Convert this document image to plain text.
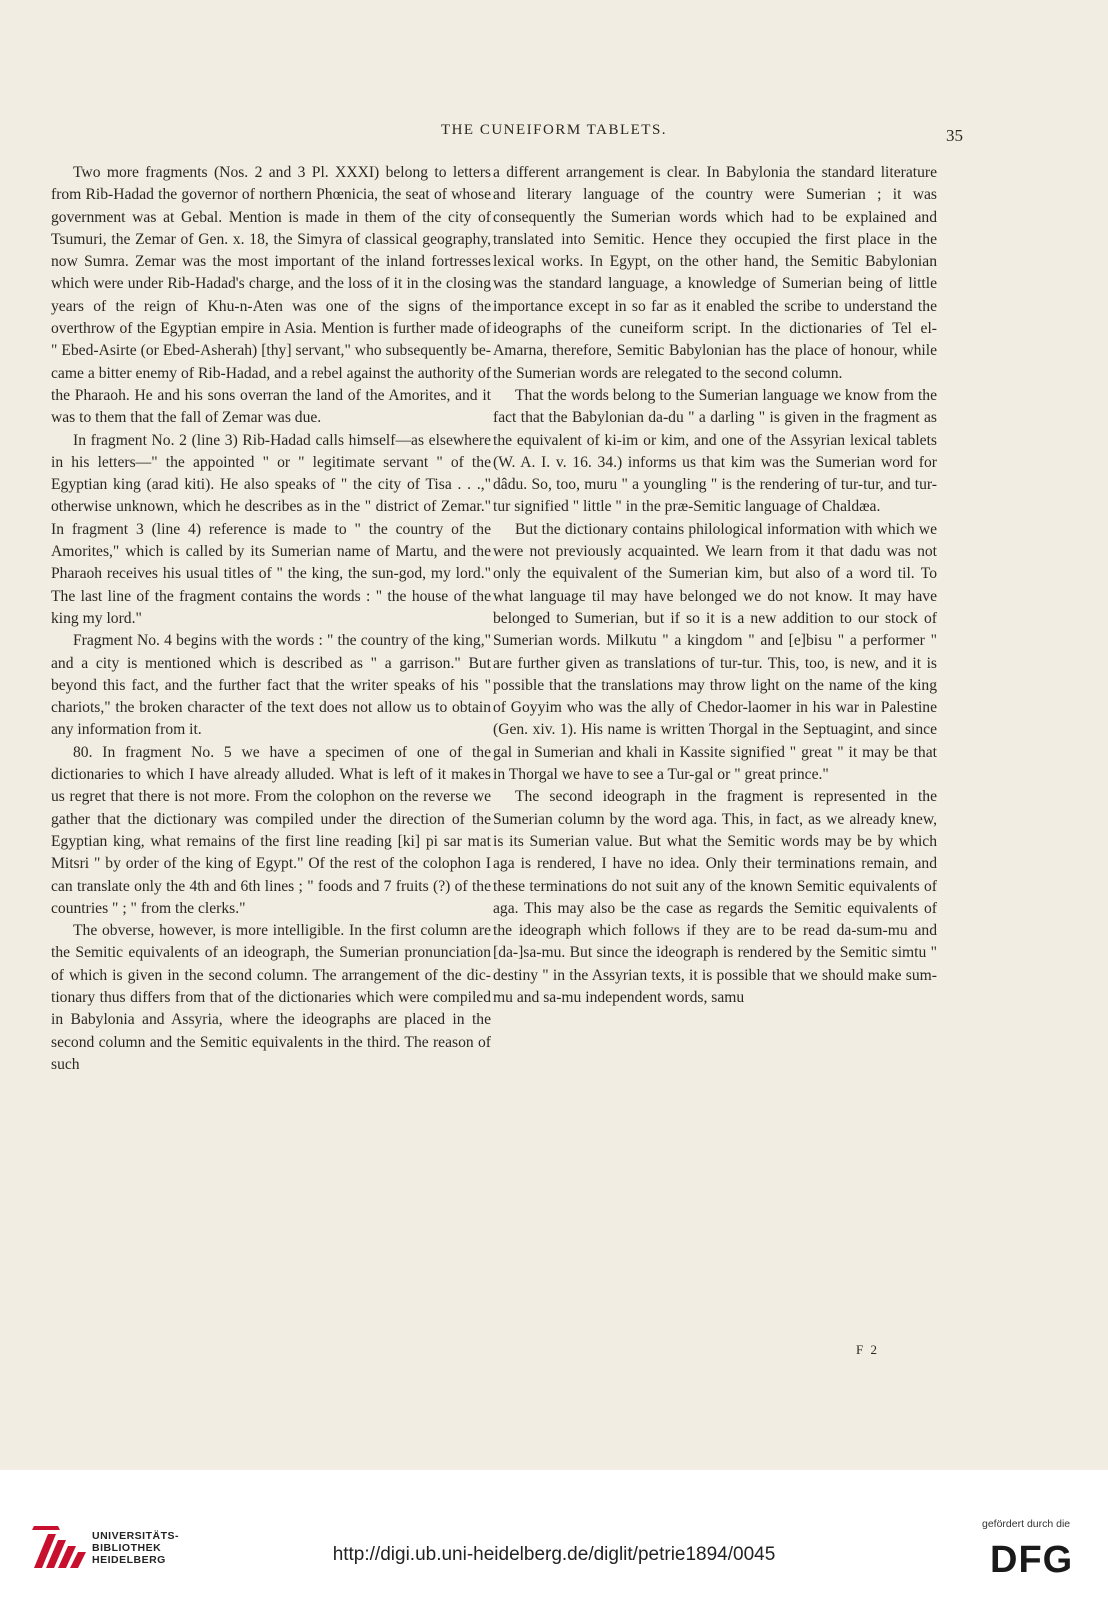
THE CUNEIFORM TABLETS.	35

Two more fragments (Nos. 2 and 3 Pl. XXXI) belong to letters from Rib-Hadad the governor of northern Phœnicia, the seat of whose government was at Gebal. Mention is made in them of the city of Tsumuri, the Zemar of Gen. x. 18, the Simyra of classical geography, now Sumra. Zemar was the most important of the inland fortresses which were under Rib-Hadad's charge, and the loss of it in the closing years of the reign of Khu-n-Aten was one of the signs of the overthrow of the Egyptian empire in Asia. Mention is further made of " Ebed-Asirte (or Ebed-Asherah) [thy] servant," who subsequently became a bitter enemy of Rib-Hadad, and a rebel against the authority of the Pharaoh. He and his sons overran the land of the Amorites, and it was to them that the fall of Zemar was due.

In fragment No. 2 (line 3) Rib-Hadad calls himself—as elsewhere in his letters—" the appointed " or " legitimate servant " of the Egyptian king (arad kiti). He also speaks of " the city of Tisa . . .," otherwise unknown, which he describes as in the " district of Zemar." In fragment 3 (line 4) reference is made to " the country of the Amorites," which is called by its Sumerian name of Martu, and the Pharaoh receives his usual titles of " the king, the sun-god, my lord." The last line of the fragment contains the words : " the house of the king my lord."

Fragment No. 4 begins with the words : " the country of the king," and a city is mentioned which is described as " a garrison." But beyond this fact, and the further fact that the writer speaks of his " chariots," the broken character of the text does not allow us to obtain any information from it.

80. In fragment No. 5 we have a specimen of one of the dictionaries to which I have already alluded. What is left of it makes us regret that there is not more. From the colophon on the reverse we gather that the dictionary was compiled under the direction of the Egyptian king, what remains of the first line reading [ki] pi sar mat Mitsri " by order of the king of Egypt." Of the rest of the colophon I can translate only the 4th and 6th lines ; " foods and 7 fruits (?) of the countries " ; " from the clerks."

The obverse, however, is more intelligible. In the first column are the Semitic equivalents of an ideograph, the Sumerian pronunciation of which is given in the second column. The arrangement of the dictionary thus differs from that of the dictionaries which were compiled in Babylonia and Assyria, where the ideographs are placed in the second column and the Semitic equivalents in the third. The reason of such

a different arrangement is clear. In Babylonia the standard literature and literary language of the country were Sumerian ; it was consequently the Sumerian words which had to be explained and translated into Semitic. Hence they occupied the first place in the lexical works. In Egypt, on the other hand, the Semitic Babylonian was the standard language, a knowledge of Sumerian being of little importance except in so far as it enabled the scribe to understand the ideographs of the cuneiform script. In the dictionaries of Tel el-Amarna, therefore, Semitic Babylonian has the place of honour, while the Sumerian words are relegated to the second column.

That the words belong to the Sumerian language we know from the fact that the Babylonian da-du " a darling " is given in the fragment as the equivalent of ki-im or kim, and one of the Assyrian lexical tablets (W. A. I. v. 16. 34.) informs us that kim was the Sumerian word for dâdu. So, too, muru " a youngling " is the rendering of tur-tur, and tur-tur signified " little " in the præ-Semitic language of Chaldæa.

But the dictionary contains philological information with which we were not previously acquainted. We learn from it that dadu was not only the equivalent of the Sumerian kim, but also of a word til. To what language til may have belonged we do not know. It may have belonged to Sumerian, but if so it is a new addition to our stock of Sumerian words. Milkutu " a kingdom " and [e]bisu " a performer " are further given as translations of tur-tur. This, too, is new, and it is possible that the translations may throw light on the name of the king of Goyyim who was the ally of Chedor-laomer in his war in Palestine (Gen. xiv. 1). His name is written Thorgal in the Septuagint, and since gal in Sumerian and khali in Kassite signified " great " it may be that in Thorgal we have to see a Tur-gal or " great prince."

The second ideograph in the fragment is represented in the Sumerian column by the word aga. This, in fact, as we already knew, is its Sumerian value. But what the Semitic words may be by which aga is rendered, I have no idea. Only their terminations remain, and these terminations do not suit any of the known Semitic equivalents of aga. This may also be the case as regards the Semitic equivalents of the ideograph which follows if they are to be read da-sum-mu and [da-]sa-mu. But since the ideograph is rendered by the Semitic simtu " destiny " in the Assyrian texts, it is possible that we should make sum-mu and sa-mu independent words, samu

F 2
UNIVERSITÄTS-
BIBLIOTHEK
HEIDELBERG	http://digi.ub.uni-heidelberg.de/diglit/petrie1894/0045
gefördert durch die
DFG
